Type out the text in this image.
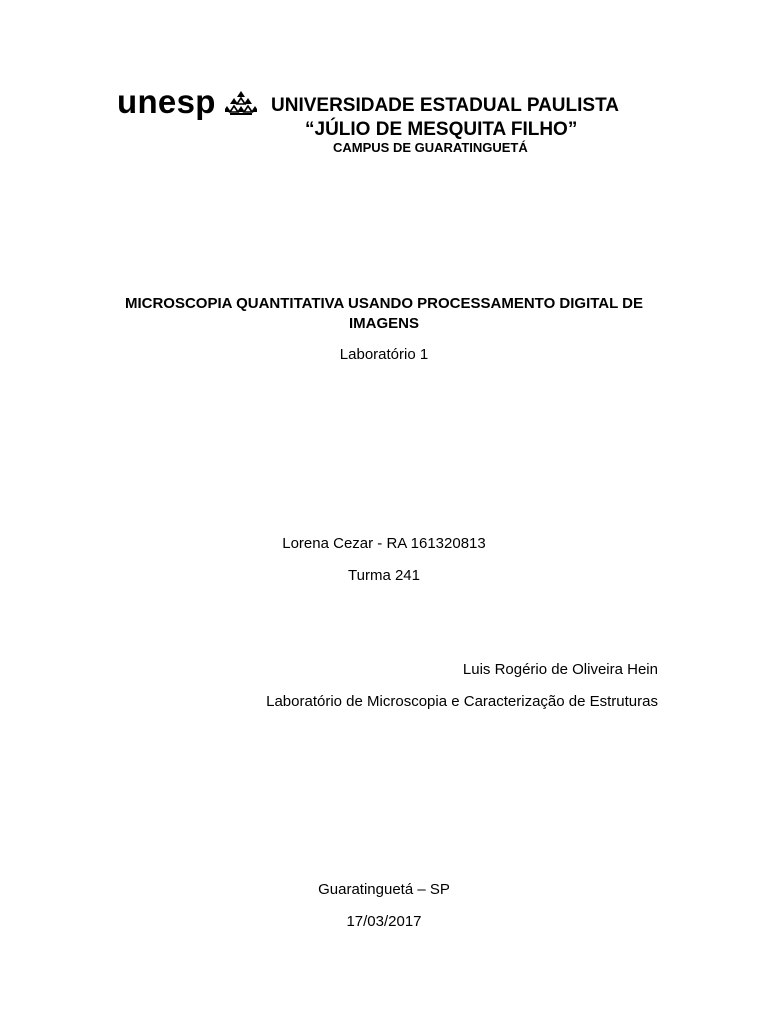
unesp	UNIVERSIDADE ESTADUAL PAULISTA
“JÚLIO DE MESQUITA FILHO”
CAMPUS DE GUARATINGUETÁ
MICROSCOPIA QUANTITATIVA USANDO PROCESSAMENTO DIGITAL DE
IMAGENS
Laboratório 1
Lorena Cezar - RA 161320813
Turma 241
Luis Rogério de Oliveira Hein
Laboratório de Microscopia e Caracterização de Estruturas
Guaratinguetá – SP
17/03/2017
